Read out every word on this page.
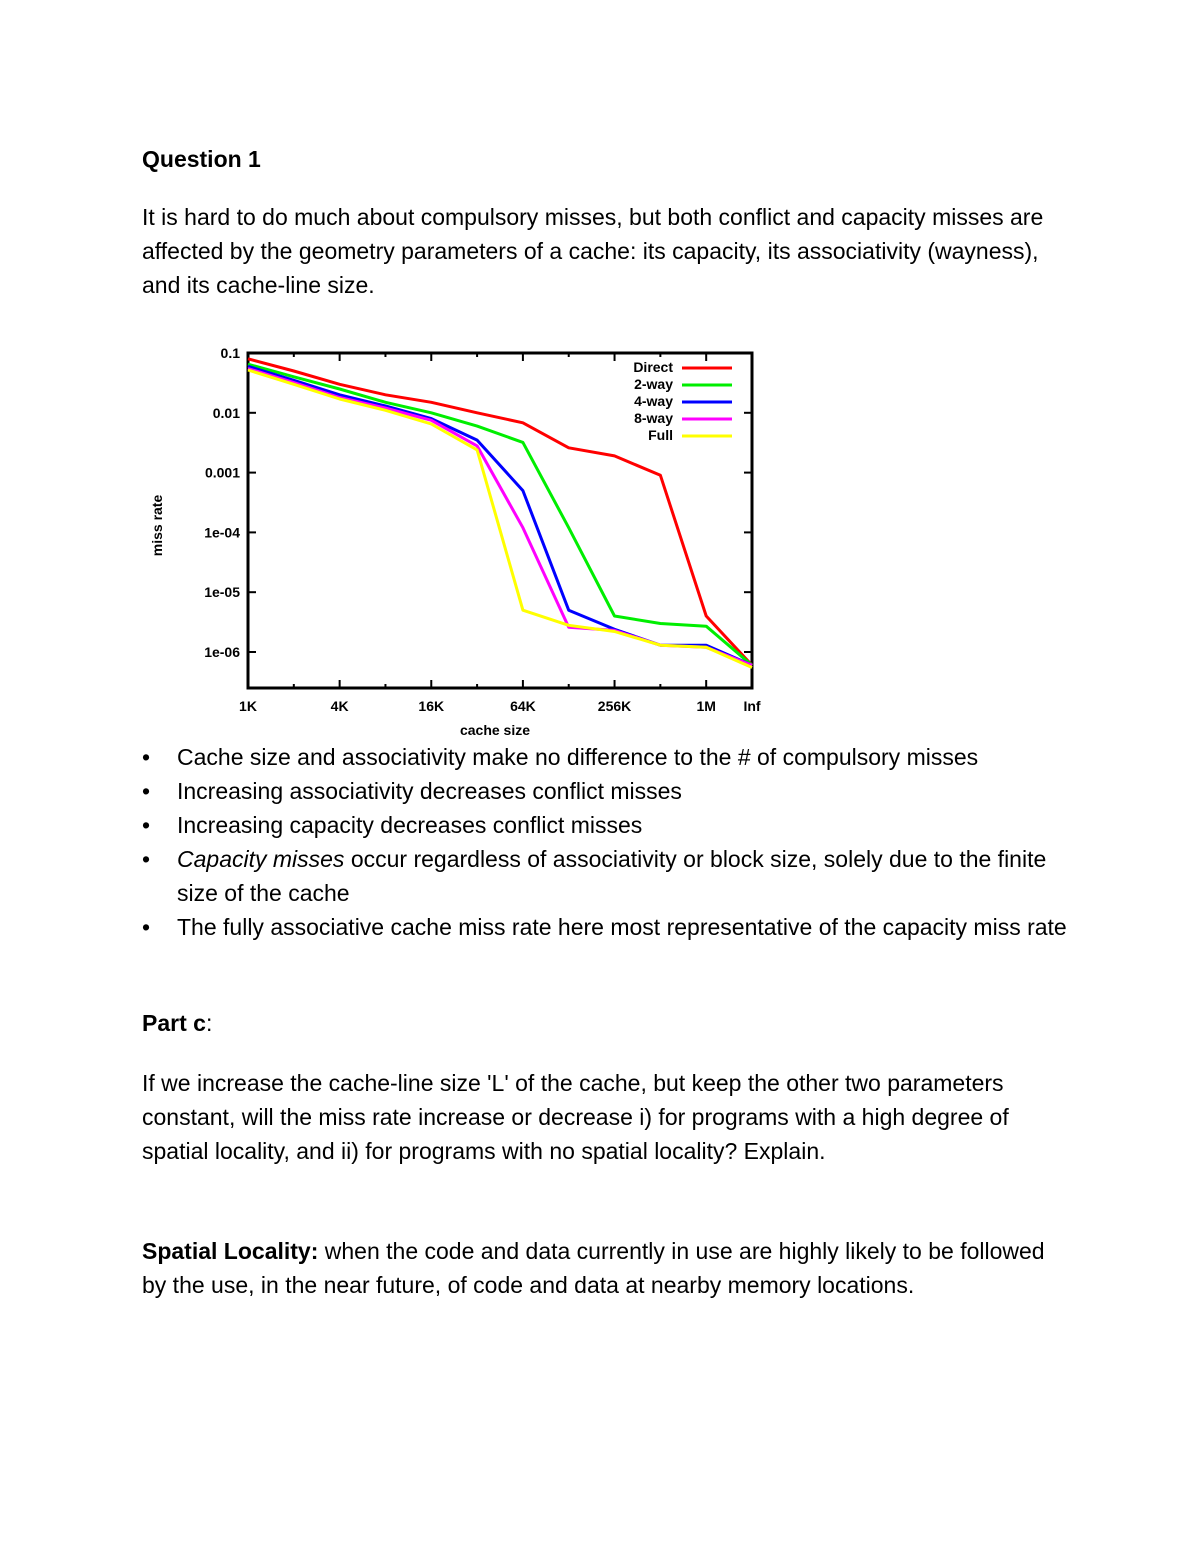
Question 1

It is hard to do much about compulsory misses, but both conflict and capacity misses are affected by the geometry parameters of a cache: its capacity, its associativity (wayness), and its cache-line size.

1K	4K	16K	64K	256K	1M Inf
0.1
0.01
0.001
1e-04
1e-05
1e-06
cache size
miss rate
Direct
2-way
4-way
8-way
Full
• Cache size and associativity make no difference to the # of compulsory misses
• Increasing associativity decreases conflict misses
• Increasing capacity decreases conflict misses
• Capacity misses occur regardless of associativity or block size, solely due to the finite size of the cache
• The fully associative cache miss rate here most representative of the capacity miss rate

Part c:

If we increase the cache-line size 'L' of the cache, but keep the other two parameters constant, will the miss rate increase or decrease i) for programs with a high degree of spatial locality, and ii) for programs with no spatial locality? Explain.

Spatial Locality: when the code and data currently in use are highly likely to be followed by the use, in the near future, of code and data at nearby memory locations.
